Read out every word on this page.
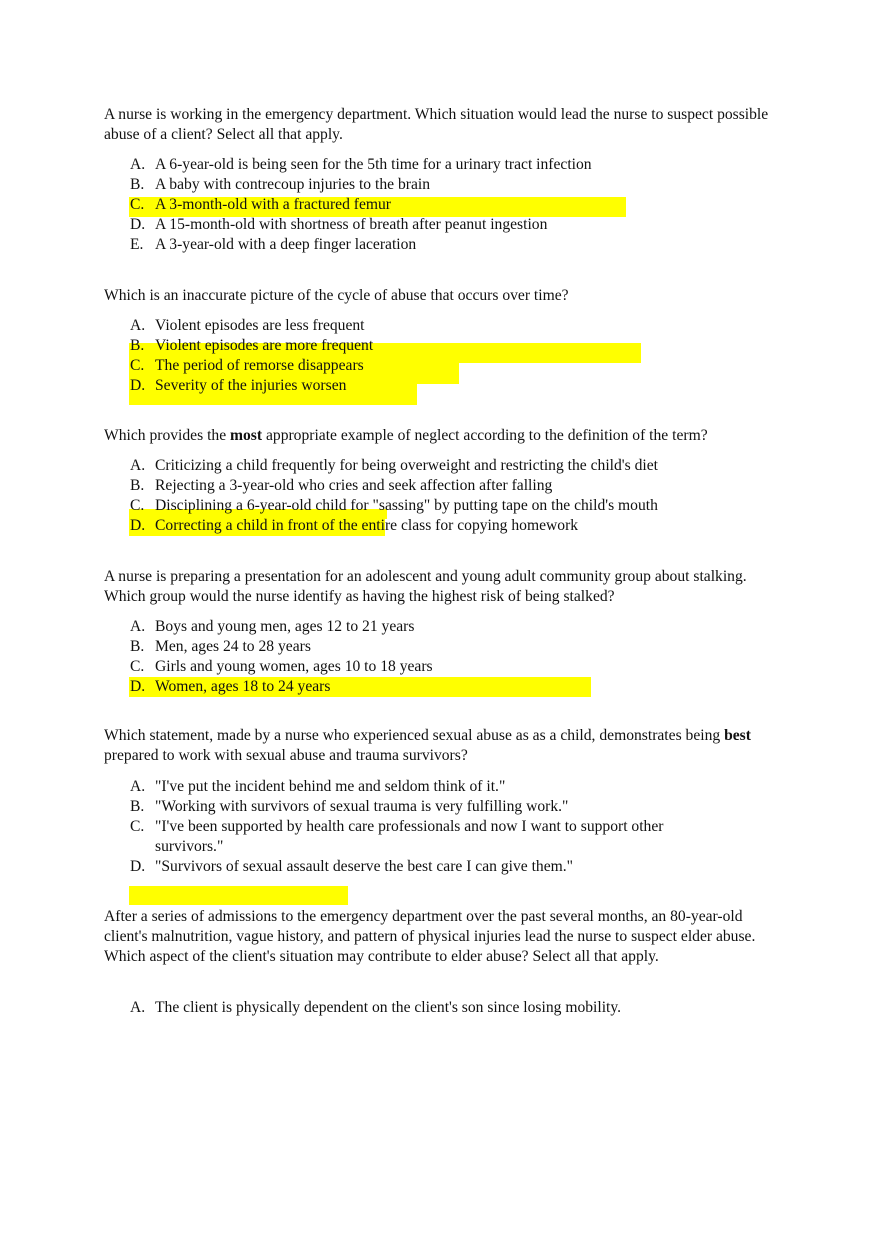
A nurse is working in the emergency department. Which situation would lead the nurse to suspect possible abuse of a client? Select all that apply.

A. A 6-year-old is being seen for the 5th time for a urinary tract infection
B. A baby with contrecoup injuries to the brain
C. A 3-month-old with a fractured femur
D. A 15-month-old with shortness of breath after peanut ingestion
E. A 3-year-old with a deep finger laceration

Which is an inaccurate picture of the cycle of abuse that occurs over time?

A. Violent episodes are less frequent
B. Violent episodes are more frequent
C. The period of remorse disappears
D. Severity of the injuries worsen

Which provides the most appropriate example of neglect according to the definition of the term?

A. Criticizing a child frequently for being overweight and restricting the child's diet
B. Rejecting a 3-year-old who cries and seek affection after falling
C. Disciplining a 6-year-old child for "sassing" by putting tape on the child's mouth
D. Correcting a child in front of the entire class for copying homework

A nurse is preparing a presentation for an adolescent and young adult community group about stalking. Which group would the nurse identify as having the highest risk of being stalked?

A. Boys and young men, ages 12 to 21 years
B. Men, ages 24 to 28 years
C. Girls and young women, ages 10 to 18 years
D. Women, ages 18 to 24 years

Which statement, made by a nurse who experienced sexual abuse as as a child, demonstrates being best prepared to work with sexual abuse and trauma survivors?

A. "I've put the incident behind me and seldom think of it."
B. "Working with survivors of sexual trauma is very fulfilling work."
C. "I've been supported by health care professionals and now I want to support other survivors."
D. "Survivors of sexual assault deserve the best care I can give them."

After a series of admissions to the emergency department over the past several months, an 80-year-old client's malnutrition, vague history, and pattern of physical injuries lead the nurse to suspect elder abuse. Which aspect of the client's situation may contribute to elder abuse? Select all that apply.

A. The client is physically dependent on the client's son since losing mobility.
